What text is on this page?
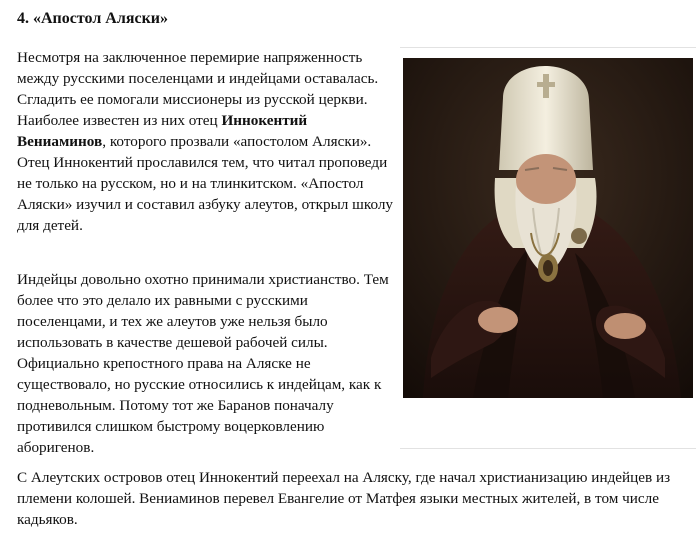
4. «Апостол Аляски»

Несмотря на заключенное перемирие напряженность между русскими поселенцами и индейцами оставалась. Сгладить ее помогали миссионеры из русской церкви. Наиболее известен из них отец Иннокентий Вениаминов, которого прозвали «апостолом Аляски». Отец Иннокентий прославился тем, что читал проповеди не только на русском, но и на тлинкитском. «Апостол Аляски» изучил и составил азбуку алеутов, открыл школу для детей.

Индейцы довольно охотно принимали христианство. Тем более что это делало их равными с русскими поселенцами, и тех же алеутов уже нельзя было использовать в качестве дешевой рабочей силы. Официально крепостного права на Аляске не существовало, но русские относились к индейцам, как к подневольным. Потому тот же Баранов поначалу противился слишком быстрому воцерковлению аборигенов.

С Алеутских островов отец Иннокентий переехал на Аляску, где начал христианизацию индейцев из племени колошей. Вениаминов перевел Евангелие от Матфея языки местных жителей, в том числе кадьяков.
